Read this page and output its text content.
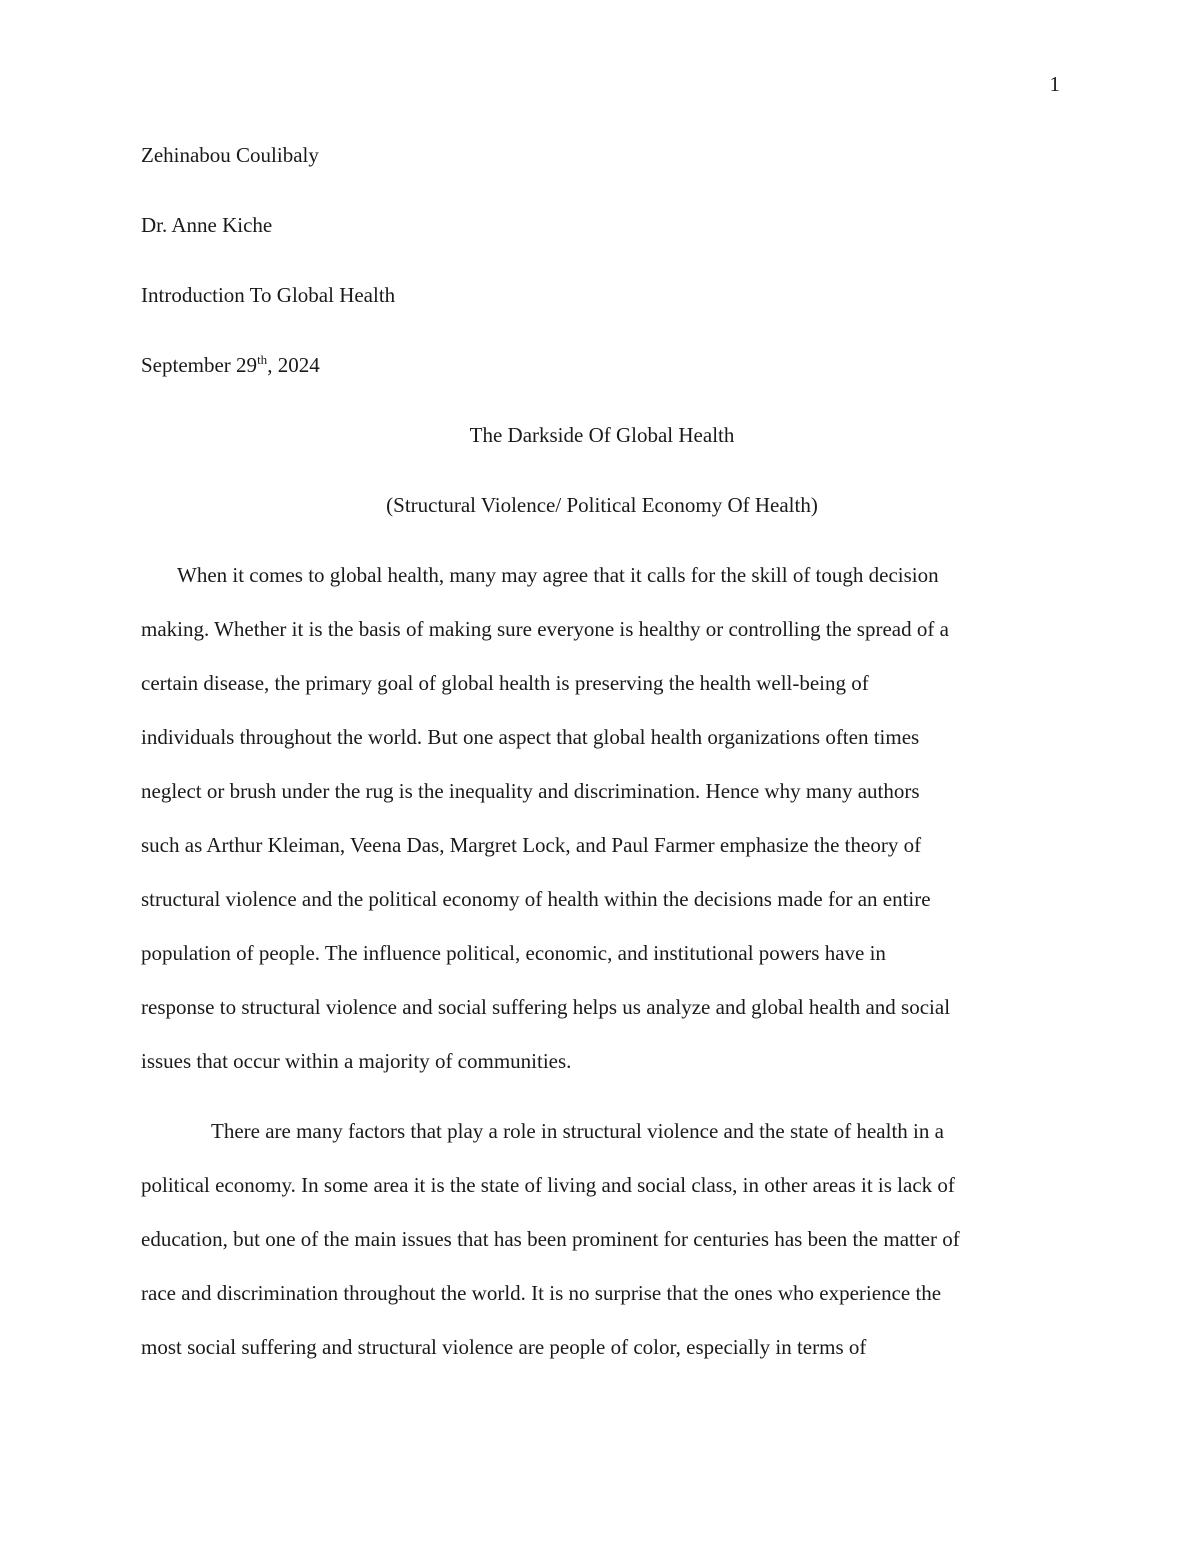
1
Zehinabou Coulibaly
Dr. Anne Kiche
Introduction To Global Health
September 29th, 2024
The Darkside Of Global Health
(Structural Violence/ Political Economy Of Health)

When it comes to global health, many may agree that it calls for the skill of tough decision
making. Whether it is the basis of making sure everyone is healthy or controlling the spread of a
certain disease, the primary goal of global health is preserving the health well-being of
individuals throughout the world. But one aspect that global health organizations often times
neglect or brush under the rug is the inequality and discrimination. Hence why many authors
such as Arthur Kleiman, Veena Das, Margret Lock, and Paul Farmer emphasize the theory of
structural violence and the political economy of health within the decisions made for an entire
population of people. The influence political, economic, and institutional powers have in
response to structural violence and social suffering helps us analyze and global health and social
issues that occur within a majority of communities.

There are many factors that play a role in structural violence and the state of health in a
political economy. In some area it is the state of living and social class, in other areas it is lack of
education, but one of the main issues that has been prominent for centuries has been the matter of
race and discrimination throughout the world. It is no surprise that the ones who experience the
most social suffering and structural violence are people of color, especially in terms of
